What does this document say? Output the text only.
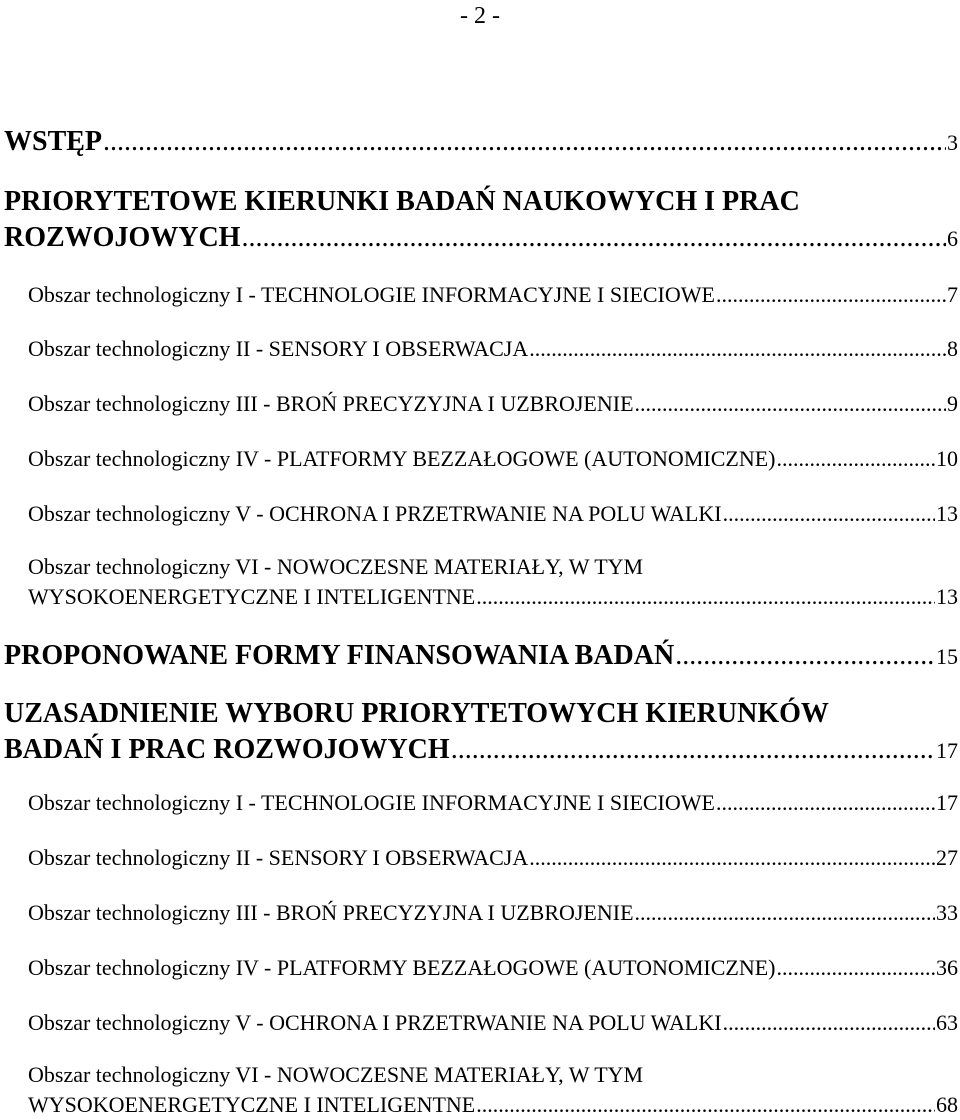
- 2 -
WSTĘP .....	3
PRIORYTETOWE KIERUNKI BADAŃ NAUKOWYCH I PRAC
ROZWOJOWYCH .....	6
Obszar technologiczny I - TECHNOLOGIE INFORMACYJNE I SIECIOWE .....	7
Obszar technologiczny II - SENSORY I OBSERWACJA .....	8
Obszar technologiczny III - BROŃ PRECYZYJNA I UZBROJENIE .....	9
Obszar technologiczny IV - PLATFORMY BEZZAŁOGOWE (AUTONOMICZNE) .....	10
Obszar technologiczny V - OCHRONA I PRZETRWANIE NA POLU WALKI .....	13
Obszar technologiczny VI - NOWOCZESNE MATERIAŁY, W TYM
WYSOKOENERGETYCZNE I INTELIGENTNE .....	13
PROPONOWANE FORMY FINANSOWANIA BADAŃ .....	15
UZASADNIENIE WYBORU PRIORYTETOWYCH KIERUNKÓW
BADAŃ I PRAC ROZWOJOWYCH .....	17
Obszar technologiczny I - TECHNOLOGIE INFORMACYJNE I SIECIOWE .....	17
Obszar technologiczny II - SENSORY I OBSERWACJA .....	27
Obszar technologiczny III - BROŃ PRECYZYJNA I UZBROJENIE .....	33
Obszar technologiczny IV - PLATFORMY BEZZAŁOGOWE (AUTONOMICZNE) .....	36
Obszar technologiczny V - OCHRONA I PRZETRWANIE NA POLU WALKI .....	63
Obszar technologiczny VI - NOWOCZESNE MATERIAŁY, W TYM
WYSOKOENERGETYCZNE I INTELIGENTNE .....	68
